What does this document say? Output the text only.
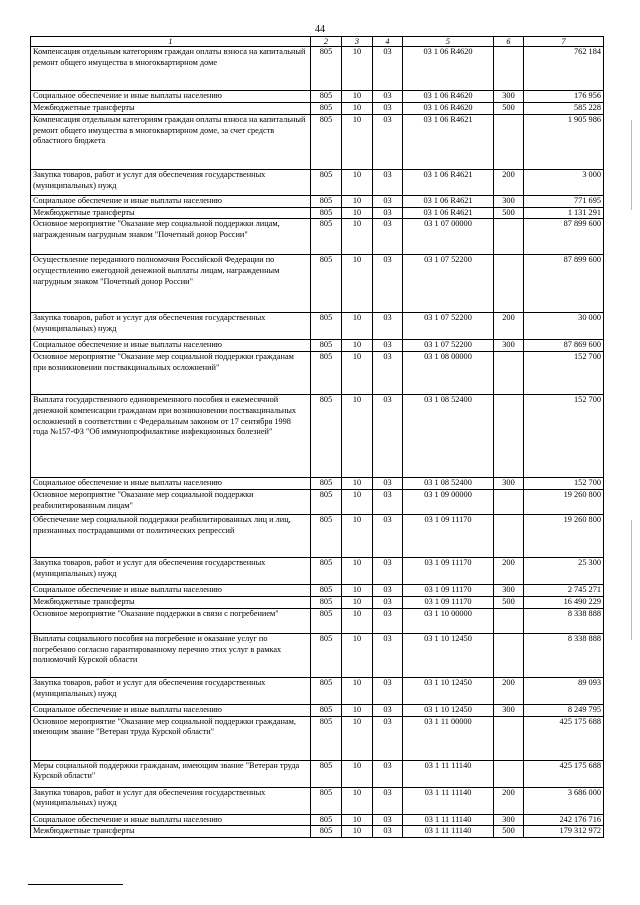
44
1	2	3	4	5	6	7
Компенсация отдельным категориям граждан оплаты взноса на капитальный ремонт общего имущества в многоквартирном доме	805	10	03	03 1 06 R4620		762 184
Социальное обеспечение и иные выплаты населению	805	10	03	03 1 06 R4620	300	176 956
Межбюджетные трансферты	805	10	03	03 1 06 R4620	500	585 228
Компенсация отдельным категориям граждан оплаты взноса на капитальный ремонт общего имущества в многоквартирном доме, за счет средств областного бюджета	805	10	03	03 1 06 R4621		1 905 986
Закупка товаров, работ и услуг для обеспечения государственных (муниципальных) нужд	805	10	03	03 1 06 R4621	200	3 000
Социальное обеспечение и иные выплаты населению	805	10	03	03 1 06 R4621	300	771 695
Межбюджетные трансферты	805	10	03	03 1 06 R4621	500	1 131 291
Основное мероприятие "Оказание мер социальной поддержки лицам, награжденным нагрудным знаком "Почетный донор России"	805	10	03	03 1 07 00000		87 899 600
Осуществление переданного полномочия Российской Федерации по осуществлению ежегодной денежной выплаты лицам, награжденным нагрудным знаком "Почетный донор России"	805	10	03	03 1 07 52200		87 899 600
Закупка товаров, работ и услуг для обеспечения государственных (муниципальных) нужд	805	10	03	03 1 07 52200	200	30 000
Социальное обеспечение и иные выплаты населению	805	10	03	03 1 07 52200	300	87 869 600
Основное мероприятие "Оказание мер социальной поддержки гражданам при возникновении поствакцинальных осложнений"	805	10	03	03 1 08 00000		152 700
Выплата государственного единовременного пособия и ежемесячной денежной компенсации гражданам при возникновении поствакцинальных осложнений в соответствии с Федеральным законом от 17 сентября 1998 года №157-ФЗ "Об иммунопрофилактике инфекционных болезней"	805	10	03	03 1 08 52400		152 700
Социальное обеспечение и иные выплаты населению	805	10	03	03 1 08 52400	300	152 700
Основное мероприятие "Оказание мер социальной поддержки реабилитированным лицам"	805	10	03	03 1 09 00000		19 260 800
Обеспечение мер социальной поддержки реабилитированных лиц и лиц, признанных пострадавшими от политических репрессий	805	10	03	03 1 09 11170		19 260 800
Закупка товаров, работ и услуг для обеспечения государственных (муниципальных) нужд	805	10	03	03 1 09 11170	200	25 300
Социальное обеспечение и иные выплаты населению	805	10	03	03 1 09 11170	300	2 745 271
Межбюджетные трансферты	805	10	03	03 1 09 11170	500	16 490 229
Основное мероприятие "Оказание поддержки в связи с погребением"	805	10	03	03 1 10 00000		8 338 888
Выплаты социального пособия на погребение и оказание услуг по погребению согласно гарантированному перечню этих услуг в рамках полномочий Курской области	805	10	03	03 1 10 12450		8 338 888
Закупка товаров, работ и услуг для обеспечения государственных (муниципальных) нужд	805	10	03	03 1 10 12450	200	89 093
Социальное обеспечение и иные выплаты населению	805	10	03	03 1 10 12450	300	8 249 795
Основное мероприятие "Оказание мер социальной поддержки гражданам, имеющим звание "Ветеран труда Курской области"	805	10	03	03 1 11 00000		425 175 688
Меры социальной поддержки гражданам, имеющим звание "Ветеран труда Курской области"	805	10	03	03 1 11 11140		425 175 688
Закупка товаров, работ и услуг для обеспечения государственных (муниципальных) нужд	805	10	03	03 1 11 11140	200	3 686 000
Социальное обеспечение и иные выплаты населению	805	10	03	03 1 11 11140	300	242 176 716
Межбюджетные трансферты	805	10	03	03 1 11 11140	500	179 312 972
